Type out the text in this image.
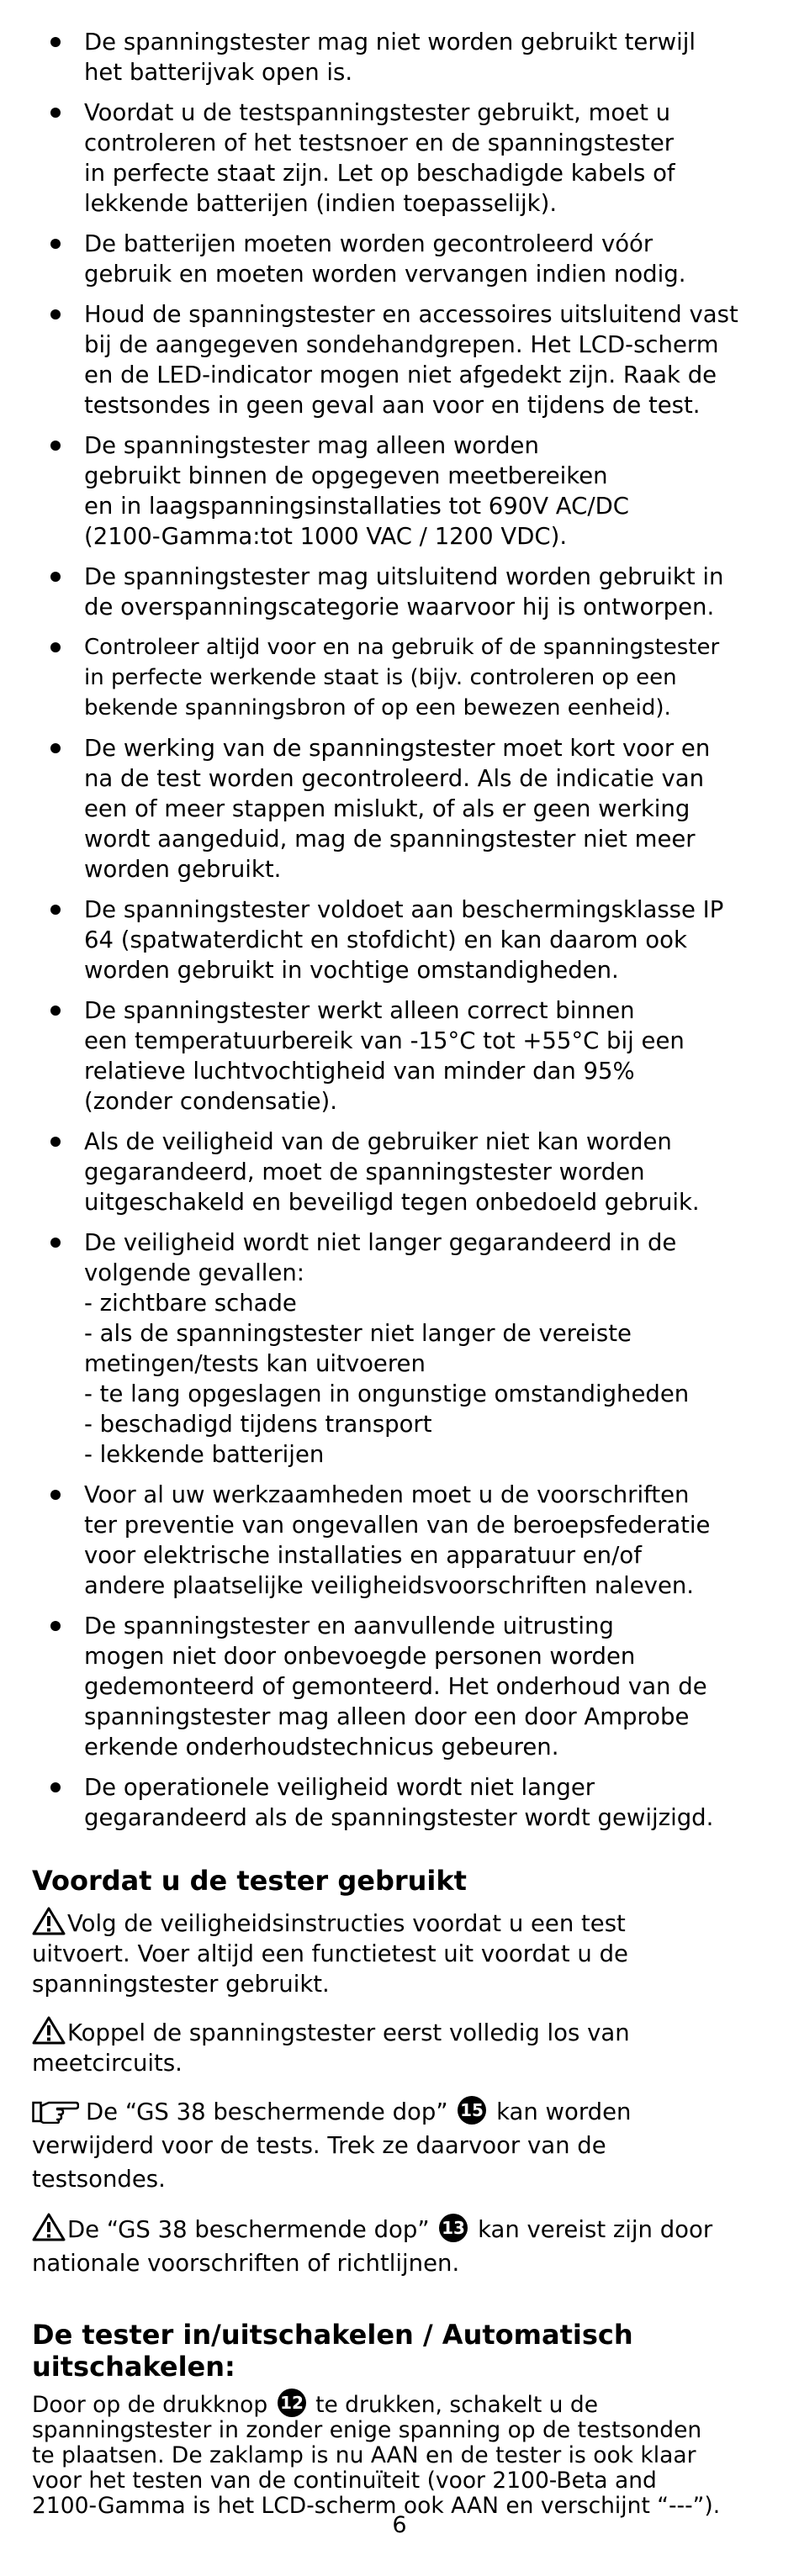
De spanningstester mag niet worden gebruikt terwijl
het batterijvak open is.
Voordat u de testspanningstester gebruikt, moet u
controleren of het testsnoer en de spanningstester
in perfecte staat zijn. Let op beschadigde kabels of
lekkende batterijen (indien toepasselijk).
De batterijen moeten worden gecontroleerd vóór
gebruik en moeten worden vervangen indien nodig.
Houd de spanningstester en accessoires uitsluitend vast
bij de aangegeven sondehandgrepen. Het LCD-scherm
en de LED-indicator mogen niet afgedekt zijn. Raak de
testsondes in geen geval aan voor en tijdens de test.
De spanningstester mag alleen worden
gebruikt binnen de opgegeven meetbereiken
en in laagspanningsinstallaties tot 690V AC/DC
(2100-Gamma:tot 1000 VAC / 1200 VDC).
De spanningstester mag uitsluitend worden gebruikt in
de overspanningscategorie waarvoor hij is ontworpen.
Controleer altijd voor en na gebruik of de spanningstester
in perfecte werkende staat is (bijv. controleren op een
bekende spanningsbron of op een bewezen eenheid).
De werking van de spanningstester moet kort voor en
na de test worden gecontroleerd. Als de indicatie van
een of meer stappen mislukt, of als er geen werking
wordt aangeduid, mag de spanningstester niet meer
worden gebruikt.
De spanningstester voldoet aan beschermingsklasse IP
64 (spatwaterdicht en stofdicht) en kan daarom ook
worden gebruikt in vochtige omstandigheden.
De spanningstester werkt alleen correct binnen
een temperatuurbereik van -15°C tot +55°C bij een
relatieve luchtvochtigheid van minder dan 95%
(zonder condensatie).
Als de veiligheid van de gebruiker niet kan worden
gegarandeerd, moet de spanningstester worden
uitgeschakeld en beveiligd tegen onbedoeld gebruik.
De veiligheid wordt niet langer gegarandeerd in de
volgende gevallen:
- zichtbare schade
- als de spanningstester niet langer de vereiste
metingen/tests kan uitvoeren
- te lang opgeslagen in ongunstige omstandigheden
- beschadigd tijdens transport
- lekkende batterijen
Voor al uw werkzaamheden moet u de voorschriften
ter preventie van ongevallen van de beroepsfederatie
voor elektrische installaties en apparatuur en/of
andere plaatselijke veiligheidsvoorschriften naleven.
De spanningstester en aanvullende uitrusting
mogen niet door onbevoegde personen worden
gedemonteerd of gemonteerd. Het onderhoud van de
spanningstester mag alleen door een door Amprobe
erkende onderhoudstechnicus gebeuren.
De operationele veiligheid wordt niet langer
gegarandeerd als de spanningstester wordt gewijzigd.
Voordat u de tester gebruikt

Volg de veiligheidsinstructies voordat u een test
uitvoert. Voer altijd een functietest uit voordat u de
spanningstester gebruikt.

Koppel de spanningstester eerst volledig los van
meetcircuits.

De “GS 38 beschermende dop” 15 kan worden
verwijderd voor de tests. Trek ze daarvoor van de
testsondes.

De “GS 38 beschermende dop” 13 kan vereist zijn door
nationale voorschriften of richtlijnen.

De tester in/uitschakelen / Automatisch
uitschakelen:

Door op de drukknop 12 te drukken, schakelt u de
spanningstester in zonder enige spanning op de testsonden
te plaatsen. De zaklamp is nu AAN en de tester is ook klaar
voor het testen van de continuïteit (voor 2100-Beta and
2100-Gamma is het LCD-scherm ook AAN en verschijnt “---”).

6
